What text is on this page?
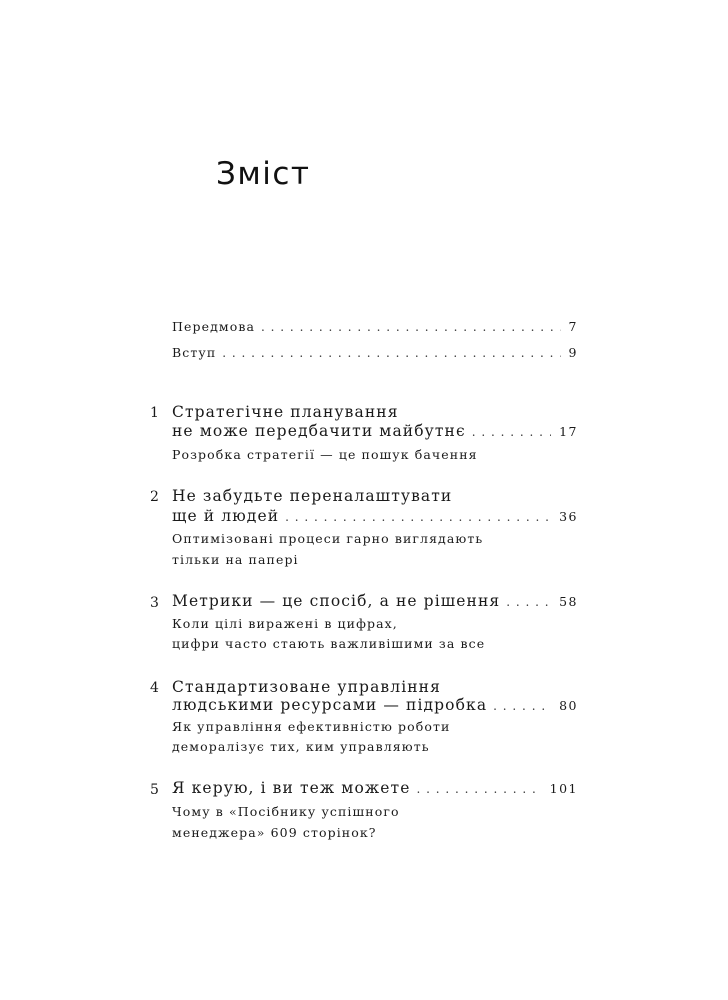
Зміст
Передмова . . .	7
Вступ . . .	9
1 Стратегічне планування
не може передбачити майбутнє . . .	17
Розробка стратегії — це пошук бачення
2 Не забудьте переналаштувати
ще й людей . . .	36
Оптимізовані процеси гарно виглядають
тільки на папері
3 Метрики — це спосіб, а не рішення . . .	58
Коли цілі виражені в цифрах,
цифри часто стають важливішими за все
4 Стандартизоване управління
людськими ресурсами — підробка . . .	80
Як управління ефективністю роботи
деморалізує тих, ким управляють
5 Я керую, і ви теж можете . . .	101
Чому в «Посібнику успішного
менеджера» 609 сторінок?
